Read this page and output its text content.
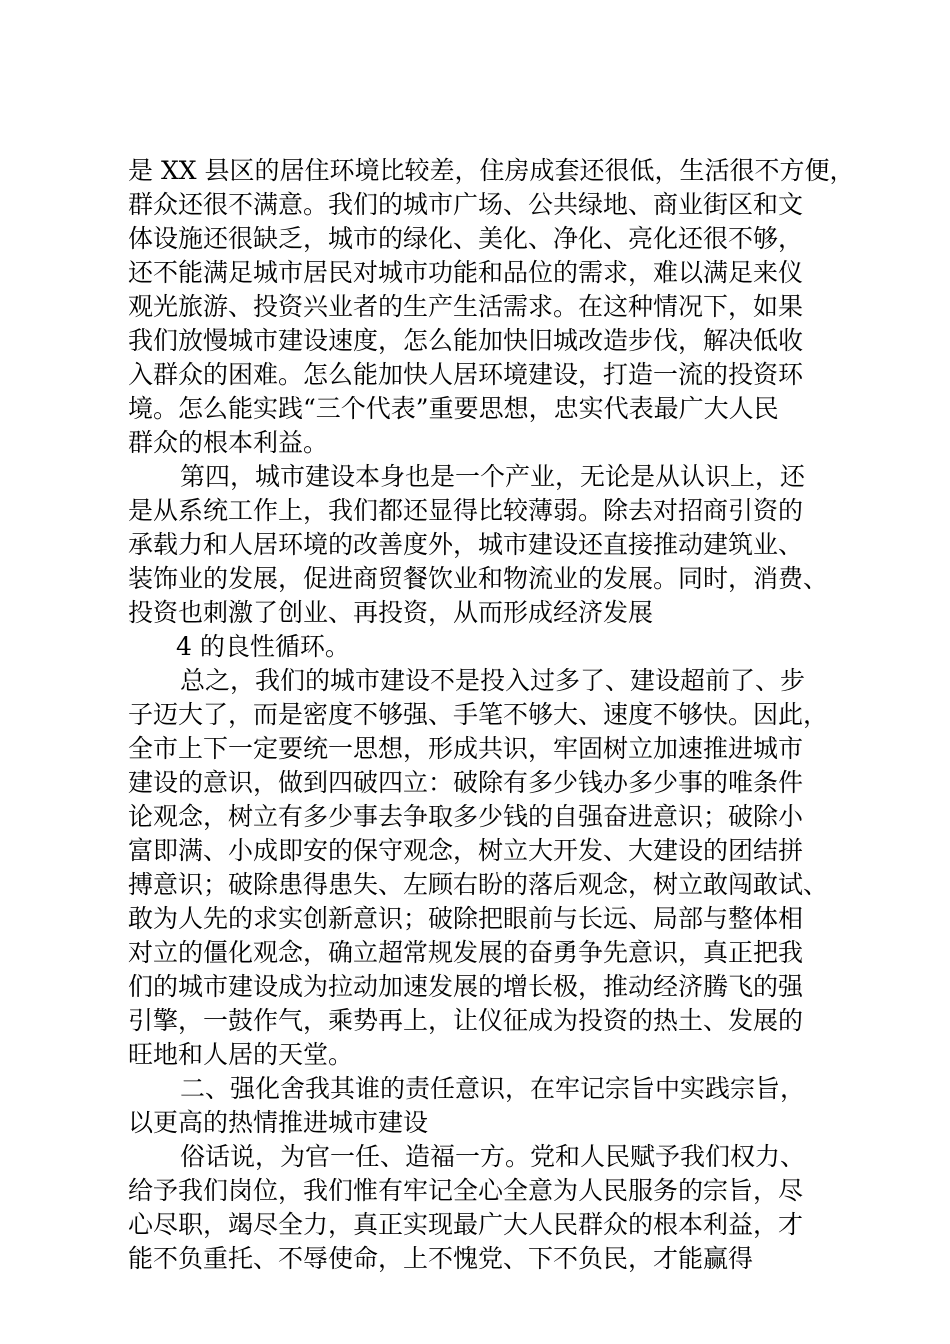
是 XX 县区的居住环境比较差，住房成套还很低，生活很不方便，
群众还很不满意。我们的城市广场、公共绿地、商业街区和文
体设施还很缺乏，城市的绿化、美化、净化、亮化还很不够，
还不能满足城市居民对城市功能和品位的需求，难以满足来仪
观光旅游、投资兴业者的生产生活需求。在这种情况下，如果
我们放慢城市建设速度，怎么能加快旧城改造步伐，解决低收
入群众的困难。怎么能加快人居环境建设，打造一流的投资环
境。怎么能实践“三个代表”重要思想，忠实代表最广大人民
群众的根本利益。
第四，城市建设本身也是一个产业，无论是从认识上，还
是从系统工作上，我们都还显得比较薄弱。除去对招商引资的
承载力和人居环境的改善度外，城市建设还直接推动建筑业、
装饰业的发展，促进商贸餐饮业和物流业的发展。同时，消费、
投资也刺激了创业、再投资，从而形成经济发展
4 的良性循环。
总之，我们的城市建设不是投入过多了、建设超前了、步
子迈大了，而是密度不够强、手笔不够大、速度不够快。因此，
全市上下一定要统一思想，形成共识，牢固树立加速推进城市
建设的意识，做到四破四立：破除有多少钱办多少事的唯条件
论观念，树立有多少事去争取多少钱的自强奋进意识；破除小
富即满、小成即安的保守观念，树立大开发、大建设的团结拼
搏意识；破除患得患失、左顾右盼的落后观念，树立敢闯敢试、
敢为人先的求实创新意识；破除把眼前与长远、局部与整体相
对立的僵化观念，确立超常规发展的奋勇争先意识，真正把我
们的城市建设成为拉动加速发展的增长极，推动经济腾飞的强
引擎，一鼓作气，乘势再上，让仪征成为投资的热土、发展的
旺地和人居的天堂。
二、强化舍我其谁的责任意识，在牢记宗旨中实践宗旨，
以更高的热情推进城市建设
俗话说，为官一任、造福一方。党和人民赋予我们权力、
给予我们岗位，我们惟有牢记全心全意为人民服务的宗旨，尽
心尽职，竭尽全力，真正实现最广大人民群众的根本利益，才
能不负重托、不辱使命，上不愧党、下不负民，才能赢得
